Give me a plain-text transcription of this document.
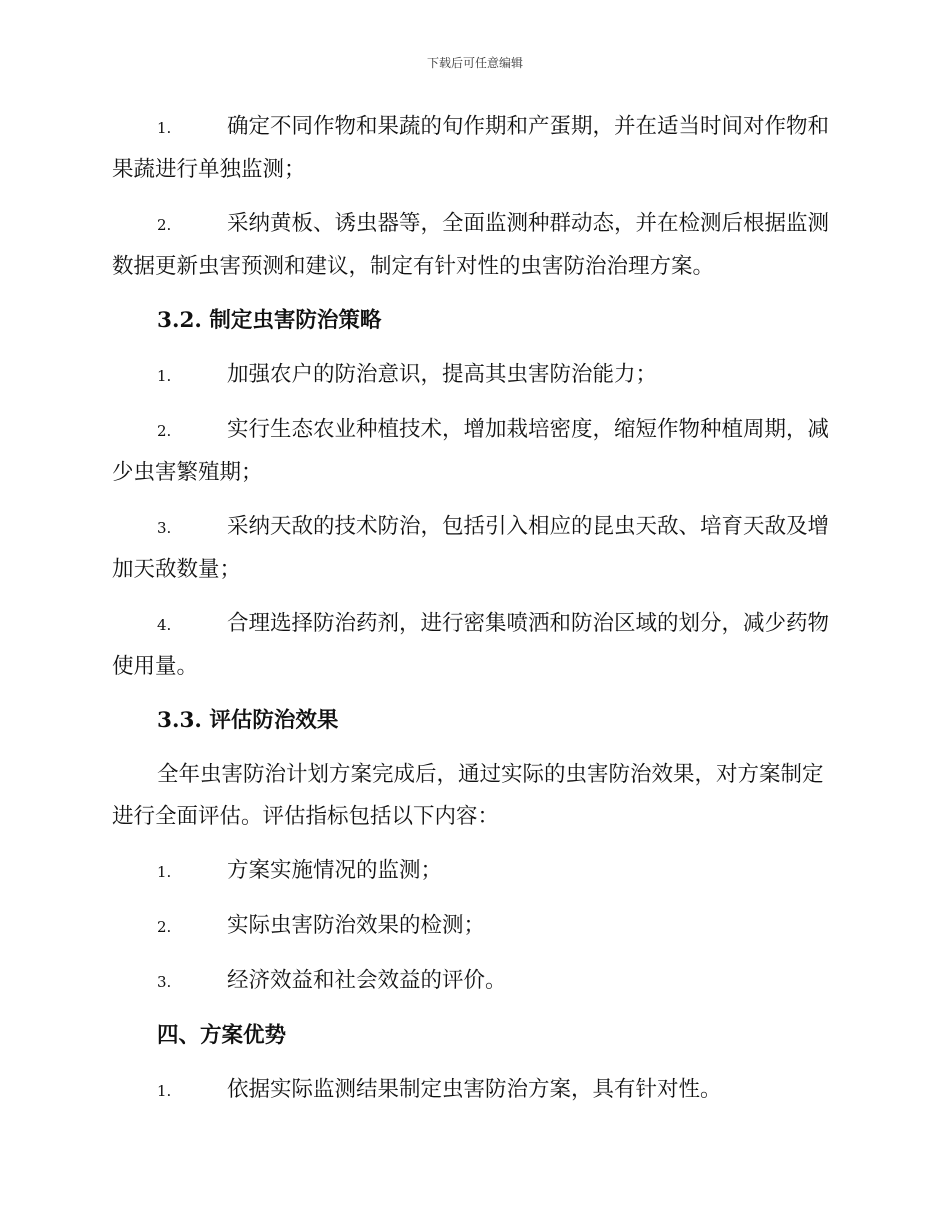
下载后可任意编辑
1.	确定不同作物和果蔬的旬作期和产蛋期，并在适当时间对作物和果蔬进行单独监测；
2.	采纳黄板、诱虫器等，全面监测种群动态，并在检测后根据监测数据更新虫害预测和建议，制定有针对性的虫害防治治理方案。
3.2. 制定虫害防治策略
1.	加强农户的防治意识，提高其虫害防治能力；
2.	实行生态农业种植技术，增加栽培密度，缩短作物种植周期，减少虫害繁殖期；
3.	采纳天敌的技术防治，包括引入相应的昆虫天敌、培育天敌及增加天敌数量；
4.	合理选择防治药剂，进行密集喷洒和防治区域的划分，减少药物使用量。
3.3. 评估防治效果
全年虫害防治计划方案完成后，通过实际的虫害防治效果，对方案制定进行全面评估。评估指标包括以下内容：
1.	方案实施情况的监测；
2.	实际虫害防治效果的检测；
3.	经济效益和社会效益的评价。
四、方案优势
1.	依据实际监测结果制定虫害防治方案，具有针对性。
